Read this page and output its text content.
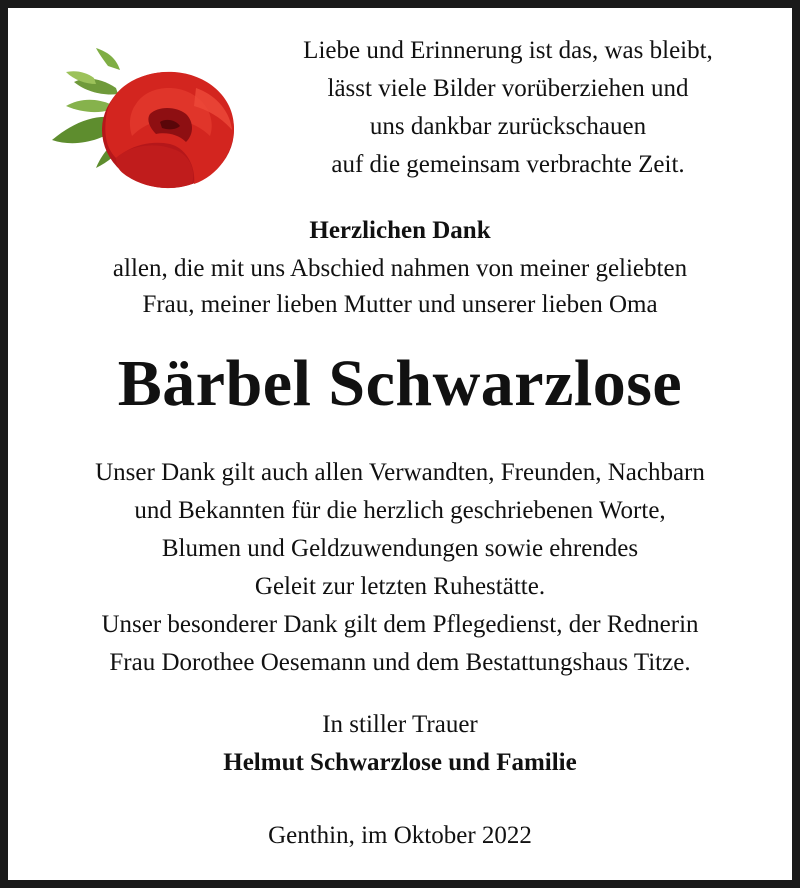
Liebe und Erinnerung ist das, was bleibt,
lässt viele Bilder vorüberziehen und
uns dankbar zurückschauen
auf die gemeinsam verbrachte Zeit.
Herzlichen Dank
allen, die mit uns Abschied nahmen von meiner geliebten
Frau, meiner lieben Mutter und unserer lieben Oma
Bärbel Schwarzlose
Unser Dank gilt auch allen Verwandten, Freunden, Nachbarn
und Bekannten für die herzlich geschriebenen Worte,
Blumen und Geldzuwendungen sowie ehrendes
Geleit zur letzten Ruhestätte.
Unser besonderer Dank gilt dem Pflegedienst, der Rednerin
Frau Dorothee Oesemann und dem Bestattungshaus Titze.
In stiller Trauer
Helmut Schwarzlose und Familie
Genthin, im Oktober 2022
